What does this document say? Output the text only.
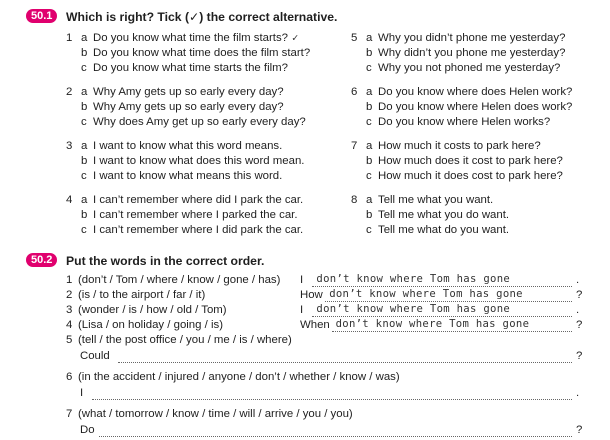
50.1	Which is right? Tick (✓) the correct alternative.
1 a Do you know what time the film starts? ✓
b Do you know what time does the film start?
c Do you know what time starts the film?
2 a Why Amy gets up so early every day?
b Why Amy gets up so early every day?
c Why does Amy get up so early every day?
3 a I want to know what this word means.
b I want to know what does this word mean.
c I want to know what means this word.
4 a I can’t remember where did I park the car.
b I can’t remember where I parked the car.
c I can’t remember where I did park the car.
5 a Why you didn’t phone me yesterday?
b Why didn’t you phone me yesterday?
c Why you not phoned me yesterday?
6 a Do you know where does Helen work?
b Do you know where Helen does work?
c Do you know where Helen works?
7 a How much it costs to park here?
b How much does it cost to park here?
c How much it does cost to park here?
8 a Tell me what you want.
b Tell me what you do want.
c Tell me what do you want.
50.2	Put the words in the correct order.
1 (don’t / Tom / where / know / gone / has) I don’t know where Tom has gone	.
2 (is / to the airport / far / it)	How don’t know where Tom has gone	?
3 (wonder / is / how / old / Tom)	I don’t know where Tom has gone	.
4 (Lisa / on holiday / going / is)	When don’t know where Tom has gone	?
5 (tell / the post office / you / me / is / where)
Could	?
6 (in the accident / injured / anyone / don’t / whether / know / was)
I	.
7 (what / tomorrow / know / time / will / arrive / you / you)
Do	?
